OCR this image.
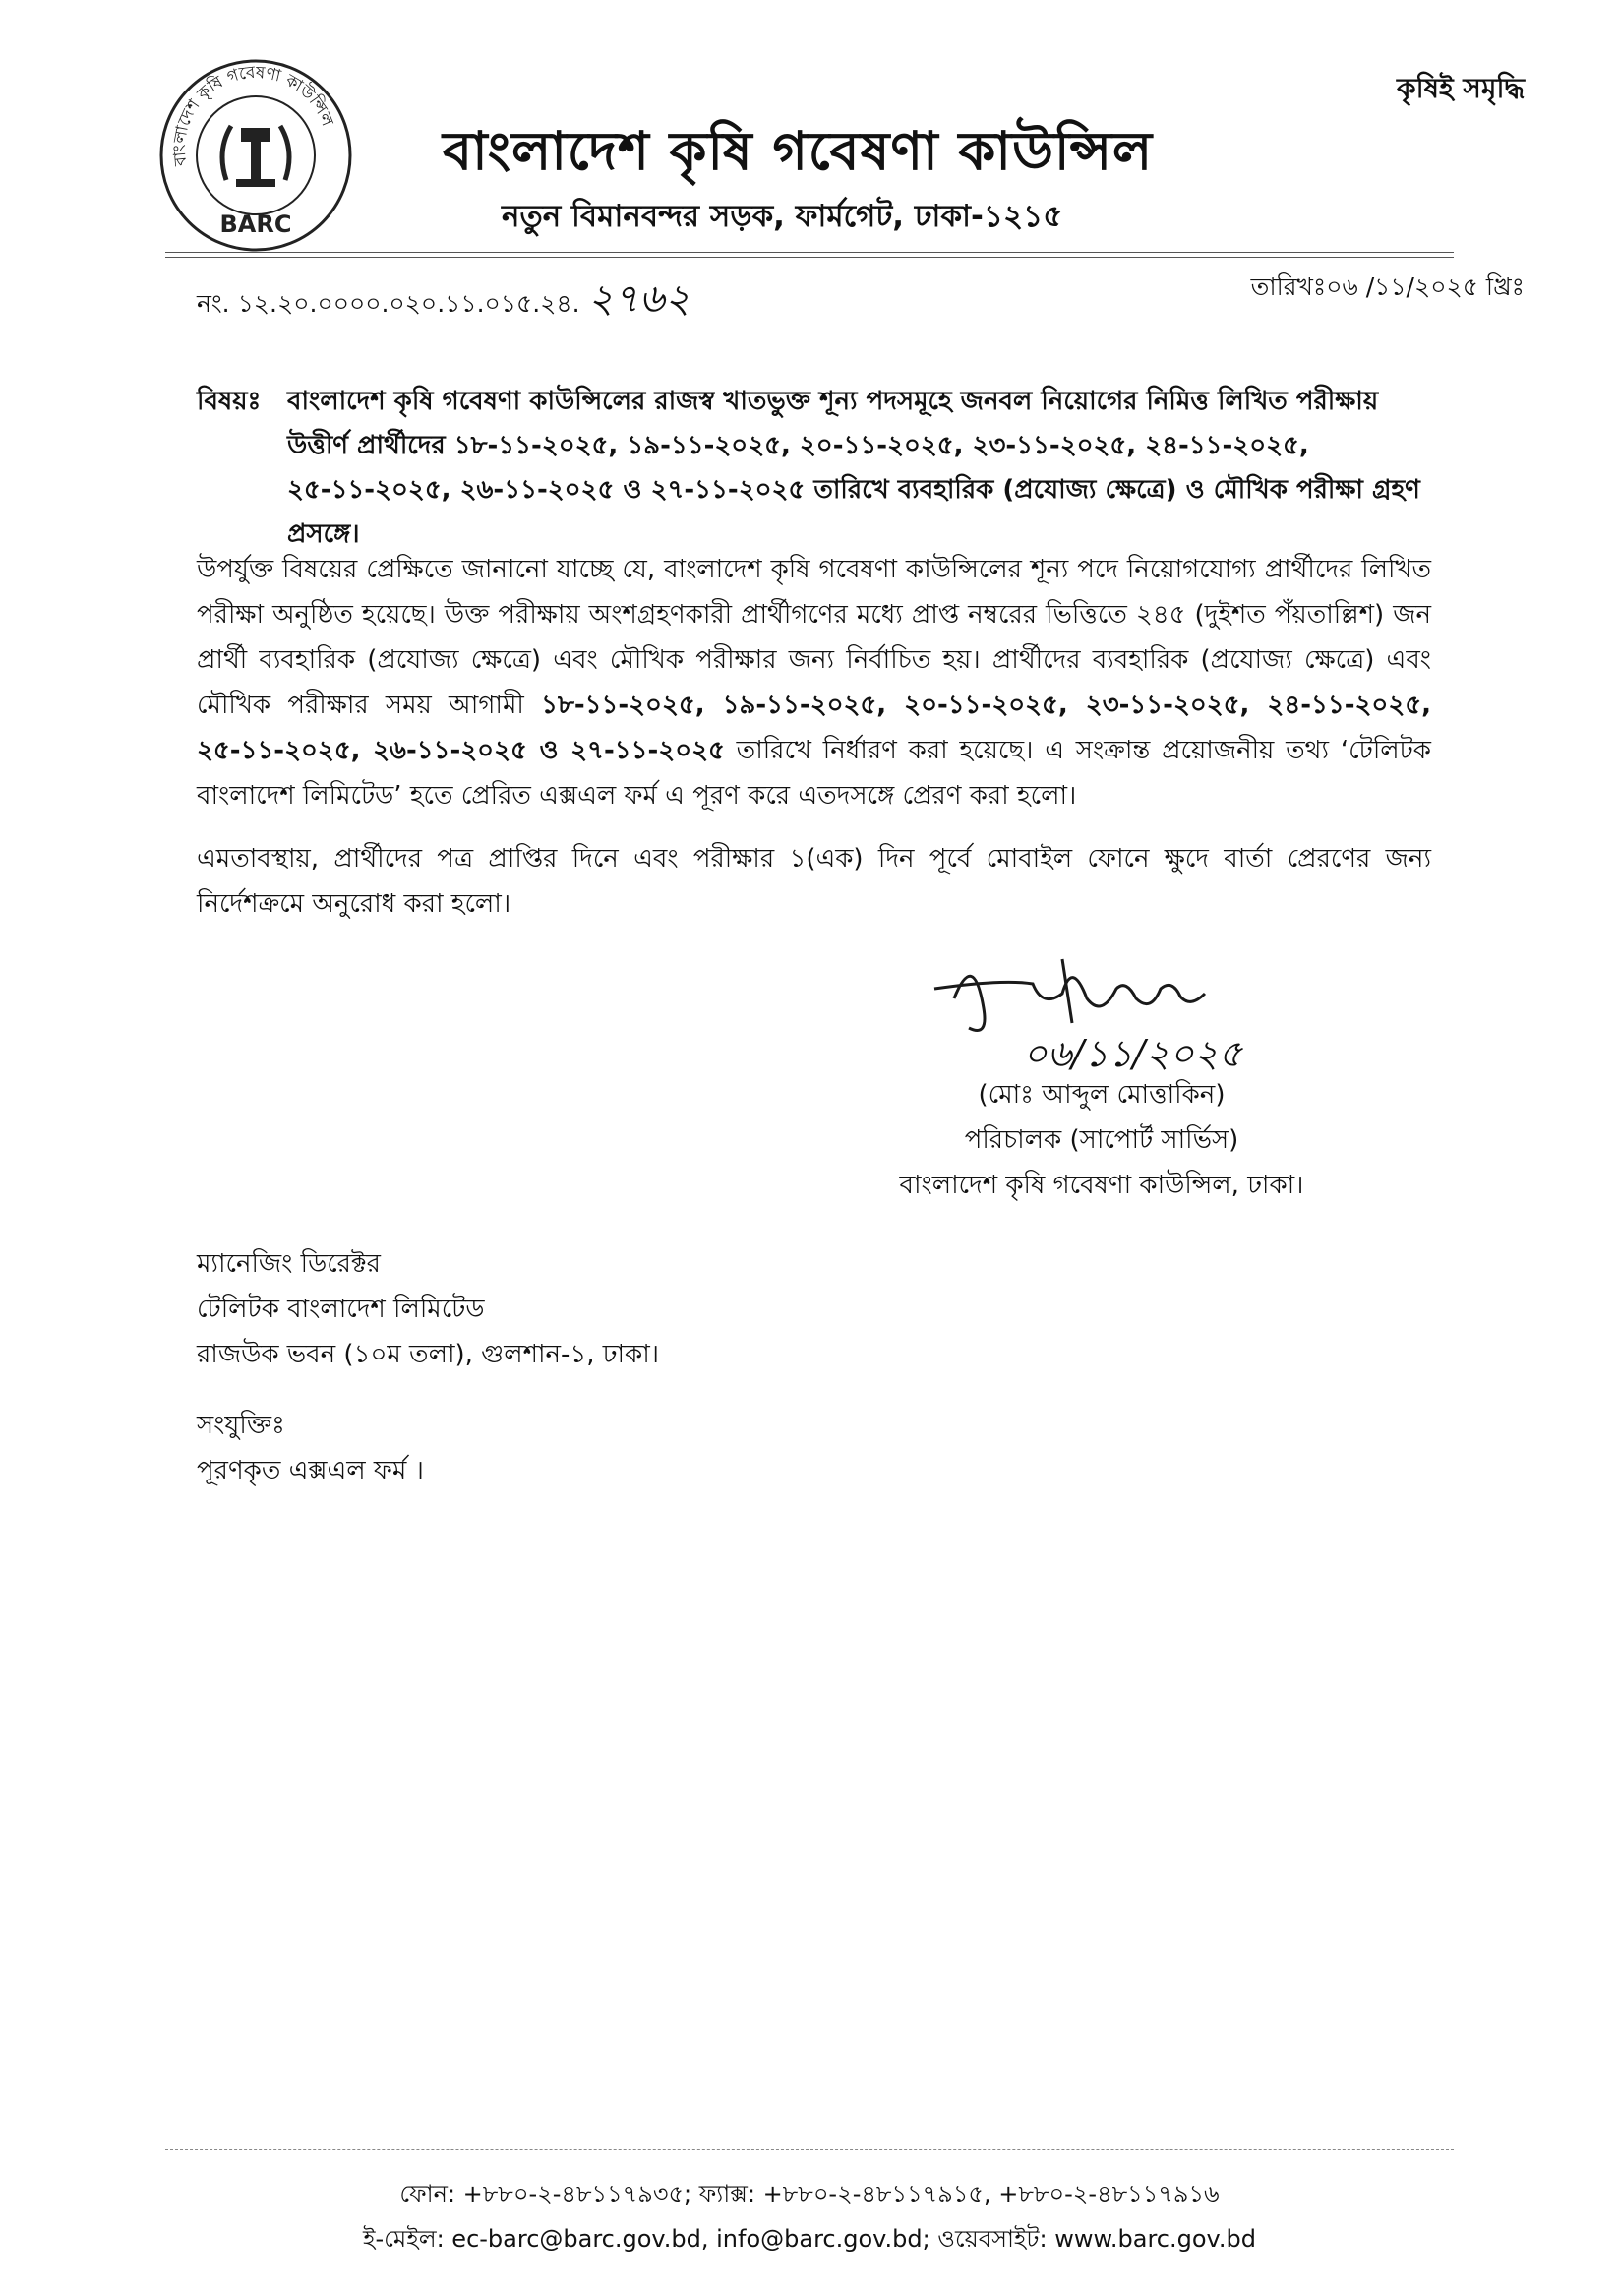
বাংলাদেশ কৃষি গবেষণা কাউন্সিল
BARC
কৃষিই সমৃদ্ধি
বাংলাদেশ কৃষি গবেষণা কাউন্সিল
নতুন বিমানবন্দর সড়ক, ফার্মগেট, ঢাকা-১২১৫
নং. ১২.২০.০০০০.০২০.১১.০১৫.২৪. ২৭৬২	তারিখঃ০৬ /১১/২০২৫ খ্রিঃ
বিষয়ঃ	বাংলাদেশ কৃষি গবেষণা কাউন্সিলের রাজস্ব খাতভুক্ত শূন্য পদসমূহে জনবল নিয়োগের নিমিত্ত লিখিত পরীক্ষায় উত্তীর্ণ প্রার্থীদের ১৮-১১-২০২৫, ১৯-১১-২০২৫, ২০-১১-২০২৫, ২৩-১১-২০২৫, ২৪-১১-২০২৫, ২৫-১১-২০২৫, ২৬-১১-২০২৫ ও ২৭-১১-২০২৫ তারিখে ব্যবহারিক (প্রযোজ্য ক্ষেত্রে) ও মৌখিক পরীক্ষা গ্রহণ প্রসঙ্গে।
উপর্যুক্ত বিষয়ের প্রেক্ষিতে জানানো যাচ্ছে যে, বাংলাদেশ কৃষি গবেষণা কাউন্সিলের শূন্য পদে নিয়োগযোগ্য প্রার্থীদের লিখিত পরীক্ষা অনুষ্ঠিত হয়েছে। উক্ত পরীক্ষায় অংশগ্রহণকারী প্রার্থীগণের মধ্যে প্রাপ্ত নম্বরের ভিত্তিতে ২৪৫ (দুইশত পঁয়তাল্লিশ) জন প্রার্থী ব্যবহারিক (প্রযোজ্য ক্ষেত্রে) এবং মৌখিক পরীক্ষার জন্য নির্বাচিত হয়। প্রার্থীদের ব্যবহারিক (প্রযোজ্য ক্ষেত্রে) এবং মৌখিক পরীক্ষার সময় আগামী ১৮-১১-২০২৫, ১৯-১১-২০২৫, ২০-১১-২০২৫, ২৩-১১-২০২৫, ২৪-১১-২০২৫, ২৫-১১-২০২৫, ২৬-১১-২০২৫ ও ২৭-১১-২০২৫ তারিখে নির্ধারণ করা হয়েছে। এ সংক্রান্ত প্রয়োজনীয় তথ্য ‘টেলিটক বাংলাদেশ লিমিটেড’ হতে প্রেরিত এক্সএল ফর্ম এ পূরণ করে এতদসঙ্গে প্রেরণ করা হলো।
এমতাবস্থায়, প্রার্থীদের পত্র প্রাপ্তির দিনে এবং পরীক্ষার ১(এক) দিন পূর্বে মোবাইল ফোনে ক্ষুদে বার্তা প্রেরণের জন্য নির্দেশক্রমে অনুরোধ করা হলো।
০৬/১১/২০২৫
(মোঃ আব্দুল মোত্তাকিন)
পরিচালক (সাপোর্ট সার্ভিস)
বাংলাদেশ কৃষি গবেষণা কাউন্সিল, ঢাকা।
ম্যানেজিং ডিরেক্টর
টেলিটক বাংলাদেশ লিমিটেড
রাজউক ভবন (১০ম তলা), গুলশান-১, ঢাকা।
সংযুক্তিঃ
পূরণকৃত এক্সএল ফর্ম ।
ফোন: +৮৮০-২-৪৮১১৭৯৩৫; ফ্যাক্স: +৮৮০-২-৪৮১১৭৯১৫, +৮৮০-২-৪৮১১৭৯১৬
ই-মেইল: ec-barc@barc.gov.bd, info@barc.gov.bd; ওয়েবসাইট: www.barc.gov.bd
